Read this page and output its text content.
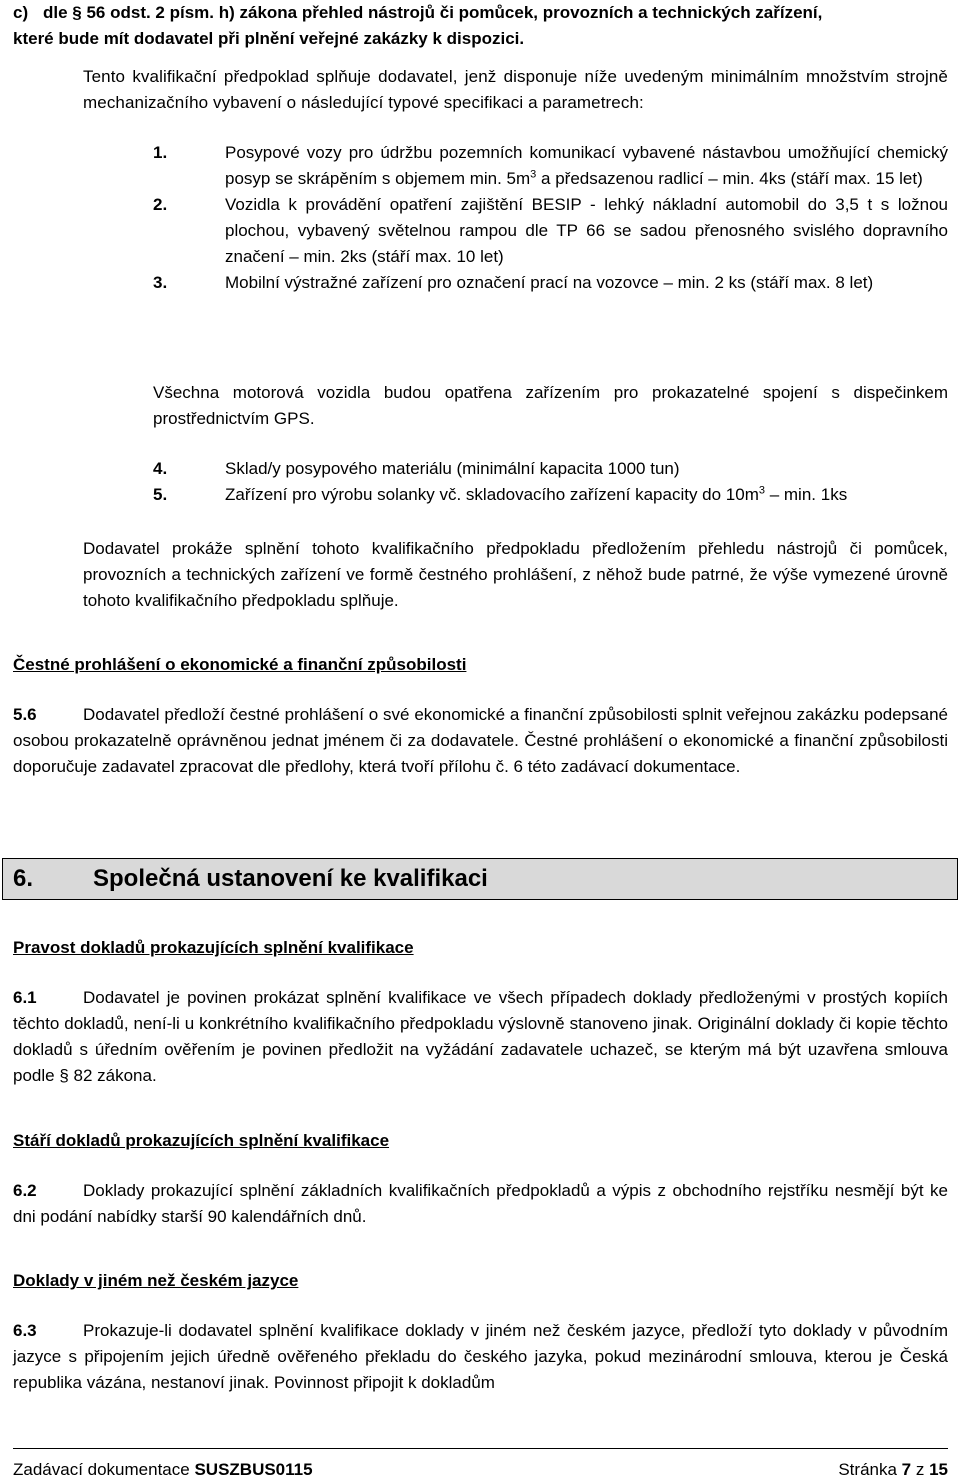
c) dle § 56 odst. 2 písm. h) zákona přehled nástrojů či pomůcek, provozních a technických zařízení,
které bude mít dodavatel při plnění veřejné zakázky k dispozici.
Tento kvalifikační předpoklad splňuje dodavatel, jenž disponuje níže uvedeným minimálním množstvím strojně mechanizačního vybavení o následující typové specifikaci a parametrech:
1.	Posypové vozy pro údržbu pozemních komunikací vybavené nástavbou umožňující chemický posyp se skrápěním s objemem min. $5m^3$ a předsazenou radlicí – min. 4ks (stáří max. 15 let)
2.	Vozidla k provádění opatření zajištění BESIP - lehký nákladní automobil do 3,5 t s ložnou plochou, vybavený světelnou rampou dle TP 66 se sadou přenosného svislého dopravního značení – min. 2ks (stáří max. 10 let)
3.	Mobilní výstražné zařízení pro označení prací na vozovce – min. 2 ks (stáří max. 8 let)
Všechna motorová vozidla budou opatřena zařízením pro prokazatelné spojení s dispečinkem prostřednictvím GPS.
4.	Sklad/y posypového materiálu (minimální kapacita 1000 tun)
5.	Zařízení pro výrobu solanky vč. skladovacího zařízení kapacity do $10m^3$ – min. 1ks
Dodavatel prokáže splnění tohoto kvalifikačního předpokladu předložením přehledu nástrojů či pomůcek, provozních a technických zařízení ve formě čestného prohlášení, z něhož bude patrné, že výše vymezené úrovně tohoto kvalifikačního předpokladu splňuje.
Čestné prohlášení o ekonomické a finanční způsobilosti
5.6	Dodavatel předloží čestné prohlášení o své ekonomické a finanční způsobilosti splnit veřejnou zakázku podepsané osobou prokazatelně oprávněnou jednat jménem či za dodavatele. Čestné prohlášení o ekonomické a finanční způsobilosti doporučuje zadavatel zpracovat dle předlohy, která tvoří přílohu č. 6 této zadávací dokumentace.
6.	Společná ustanovení ke kvalifikaci
Pravost dokladů prokazujících splnění kvalifikace
6.1	Dodavatel je povinen prokázat splnění kvalifikace ve všech případech doklady předloženými v prostých kopiích těchto dokladů, není-li u konkrétního kvalifikačního předpokladu výslovně stanoveno jinak. Originální doklady či kopie těchto dokladů s úředním ověřením je povinen předložit na vyžádání zadavatele uchazeč, se kterým má být uzavřena smlouva podle § 82 zákona.
Stáří dokladů prokazujících splnění kvalifikace
6.2	Doklady prokazující splnění základních kvalifikačních předpokladů a výpis z obchodního rejstříku nesmějí být ke dni podání nabídky starší 90 kalendářních dnů.
Doklady v jiném než českém jazyce
6.3	Prokazuje-li dodavatel splnění kvalifikace doklady v jiném než českém jazyce, předloží tyto doklady v původním jazyce s připojením jejich úředně ověřeného překladu do českého jazyka, pokud mezinárodní smlouva, kterou je Česká republika vázána, nestanoví jinak. Povinnost připojit k dokladům
Zadávací dokumentace SUSZBUS0115	Stránka 7 z 15
